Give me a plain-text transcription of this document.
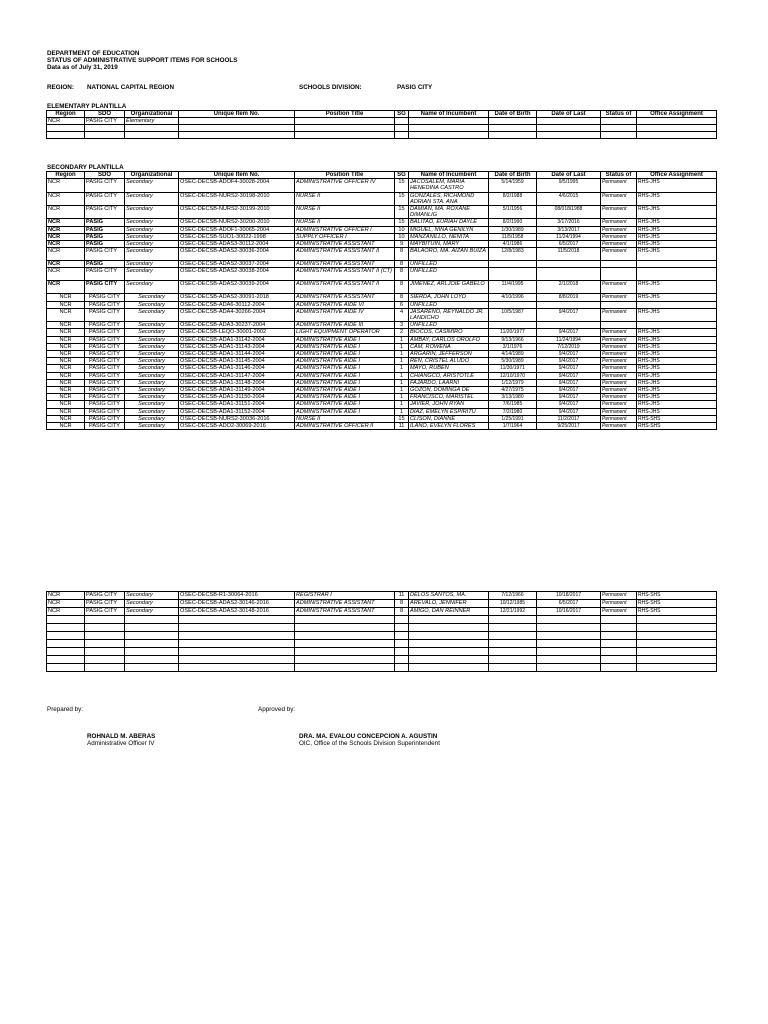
DEPARTMENT OF EDUCATION
STATUS OF ADMINISTRATIVE SUPPORT ITEMS FOR SCHOOLS
Data as of July 31, 2019
REGION: NATIONAL CAPITAL REGION	SCHOOLS DIVISION:	PASIG CITY
ELEMENTARY PLANTILLA
Region	SDO	Organizational	Unique Item No.	Position Title	SG	Name of Incumbent	Date of Birth	Date of Last	Status of	Office Assignment
NCR	PASIG CITY	Elementary								

SECONDARY PLANTILLA
Region	SDO	Organizational	Unique Item No.	Position Title	SG	Name of Incumbent	Date of Birth	Date of Last	Status of	Office Assignment
NCR	PASIG CITY	Secondary	OSEC-DECSB-ADOF4-30028-2004	ADMINISTRATIVE OFFICER IV	15	JACOSALEM, MARIA HENEDINA CASTRO	5/14/1959	9/5/1995	Permanent	RHS-JHS
NCR	PASIG CITY	Secondary	OSEC-DECSB-NURS2-30198-2010	NURSE II	15	GONZALES, RICHMOND ADRIAN STA. ANA	8/2/1988	4/6/2015	Permanent	RHS-JHS
NCR	PASIG CITY	Secondary	OSEC-DECSB-NURS2-30199-2010	NURSE II	15	DAMIAN, MA. ROXANE DIMANLIG	5/1/1956	08/018/1988	Permanent	RHS-JHS
NCR	PASIG	Secondary	OSEC-DECSB-NURS2-30200-2010	NURSE II	15	BALITAO, EURIAH DAYLE	8/2/1990	3/17/2016	Permanent	RHS-JHS
NCR	PASIG	Secondary	OSEC-DECSB-ADOF1-30065-2004	ADMINISTRATIVE OFFICER I	10	MIGUEL, NIÑA GENILYN	1/30/1989	3/13/2017	Permanent	RHS-JHS
NCR	PASIG	Secondary	OSEC-DECSB-SUO1-30022-1998	SUPPLY OFFICER I	10	MANZANILLO, NENITA	11/5/1958	11/24/1994	Permanent	RHS-JHS
NCR	PASIG	Secondary	OSEC-DECSB-ADAS3-30112-2004	ADMINISTRATIVE ASSISTANT	9	MAYBITUIN, MARY	4/1/1986	6/5/2017	Permanent	RHS-JHS
NCR	PASIG CITY	Secondary	OSEC-DECSB-ADAS2-30036-2004	ADMINISTRATIVE ASSISTANT II	8	BALAORO, MA. AIZAN BUIZA	12/8/1983	11/5/2018	Permanent	RHS-JHS
NCR	PASIG	Secondary	OSEC-DECSB-ADAS2-30037-2004	ADMINISTRATIVE ASSISTANT	8	UNFILLED				
NCR	PASIG CITY	Secondary	OSEC-DECSB-ADAS2-30038-2004	ADMINISTRATIVE ASSISTANT II (CT)	8	UNFILLED				
NCR	PASIG CITY	Secondary	OSEC-DECSB-ADAS2-30039-2004	ADMINISTRATIVE ASSISTANT II	8	JIMENEZ, ARLJOIE GABELO	11/4/1995	2/1/2018	Permanent	RHS-JHS
NCR	PASIG CITY	Secondary	OSEC-DECSB-ADAS2-30091-2018	ADMINISTRATIVE ASSISTANT	8	SIERDA, JOHN LOYD	4/10/1996	8/8/2019	Permanent	RHS-JHS
NCR	PASIG CITY	Secondary	OSEC-DECSB-ADA6-30112-2004	ADMINISTRATIVE AIDE VI	6	UNFILLED				
NCR	PASIG CITY	Secondary	OSEC-DECSB-ADA4-30266-2004	ADMINISTRATIVE AIDE IV	4	JASARENO, REYNALDO JR. LANDICHO	10/5/1987	9/4/2017	Permanent	RHS-JHS
NCR	PASIG CITY	Secondary	OSEC-DECSB-ADA3-30237-2004	ADMINISTRATIVE AIDE III	3	UNFILLED				
NCR	PASIG CITY	Secondary	OSEC-DECSB-LEQO-30001-2002	LIGHT EQUIPMENT OPERATOR	2	BIOCOS, CASIMIRO	11/20/1977	9/4/2017	Permanent	RHS-JHS
NCR	PASIG CITY	Secondary	OSEC-DECSB-ADA1-31142-2004	ADMINISTRATIVE AIDE I	1	AMBAY, CARLOS OROLFO	9/13/1966	11/24/1994	Permanent	RHS-JHS
NCR	PASIG CITY	Secondary	OSEC-DECSB-ADA1-31143-2004	ADMINISTRATIVE AIDE I	1	CAM, ROWENA	3/1/1976	7/12/2019	Permanent	RHS-JHS
NCR	PASIG CITY	Secondary	OSEC-DECSB-ADA1-31144-2004	ADMINISTRATIVE AIDE I	1	ARGARIN, JEFFERSON	4/14/1989	9/4/2017	Permanent	RHS-JHS
NCR	PASIG CITY	Secondary	OSEC-DECSB-ADA1-31145-2004	ADMINISTRATIVE AIDE I	1	REN, CRISTEL ALUDO	5/30/1989	9/4/2017	Permanent	RHS-JHS
NCR	PASIG CITY	Secondary	OSEC-DECSB-ADA1-31146-2004	ADMINISTRATIVE AIDE I	1	MAYO, RUBEN	11/30/1971	9/4/2017	Permanent	RHS-JHS
NCR	PASIG CITY	Secondary	OSEC-DECSB-ADA1-31147-2004	ADMINISTRATIVE AIDE I	1	CHIANGCO, ARISTOTLE	12/10/1970	9/4/2017	Permanent	RHS-JHS
NCR	PASIG CITY	Secondary	OSEC-DECSB-ADA1-31148-2004	ADMINISTRATIVE AIDE I	1	FAJARDO, LAARNI	1/12/1979	9/4/2017	Permanent	RHS-JHS
NCR	PASIG CITY	Secondary	OSEC-DECSB-ADA1-31149-2004	ADMINISTRATIVE AIDE I	1	GOZON, DOMINGA DE	4/27/1975	9/4/2017	Permanent	RHS-JHS
NCR	PASIG CITY	Secondary	OSEC-DECSB-ADA1-31150-2004	ADMINISTRATIVE AIDE I	1	FRANCISCO, MARISTEL	3/13/1980	9/4/2017	Permanent	RHS-JHS
NCR	PASIG CITY	Secondary	OSEC-DECSB-ADA1-31151-2004	ADMINISTRATIVE AIDE I	1	JAVIER, JOHN RYAN	7/6/1985	9/4/2017	Permanent	RHS-JHS
NCR	PASIG CITY	Secondary	OSEC-DECSB-ADA1-31152-2004	ADMINISTRATIVE AIDE I	1	DIAZ, EMELYN ESPIRITU	7/2/1980	9/4/2017	Permanent	RHS-JHS
NCR	PASIG CITY	Secondary	OSEC-DECSB-NURS2-30036-2016	NURSE II	15	CLISON, DIANNE	1/25/1991	11/2/2017	Permanent	RHS-SHS
NCR	PASIG CITY	Secondary	OSEC-DECSB-ADO2-30069-2016	ADMINISTRATIVE OFFICER II	11	ILANO, EVELYN FLORES	1/7/1964	9/25/2017	Permanent	RHS-SHS
NCR	PASIG CITY	Secondary	OSEC-DECSB-R1-30064-2016	REGISTRAR I	11	DELOS SANTOS, MA.	7/12/1966	10/18/2017	Permanent	RHS-SHS
NCR	PASIG CITY	Secondary	OSEC-DECSB-ADAS2-30146-2016	ADMINISTRATIVE ASSISTANT	8	AREVALO, JENNIFER	10/12/1985	6/5/2017	Permanent	RHS-SHS
NCR	PASIG CITY	Secondary	OSEC-DECSB-ADAS2-30148-2016	ADMINISTRATIVE ASSISTANT	8	AMIGO, DAN REINNER	12/21/1992	10/16/2017	Permanent	RHS-SHS

Prepared by:	Approved by:
ROHNALD M. ABERAS
Administrative Officer IV
DRA. MA. EVALOU CONCEPCION A. AGUSTIN
OIC, Office of the Schools Division Superintendent
